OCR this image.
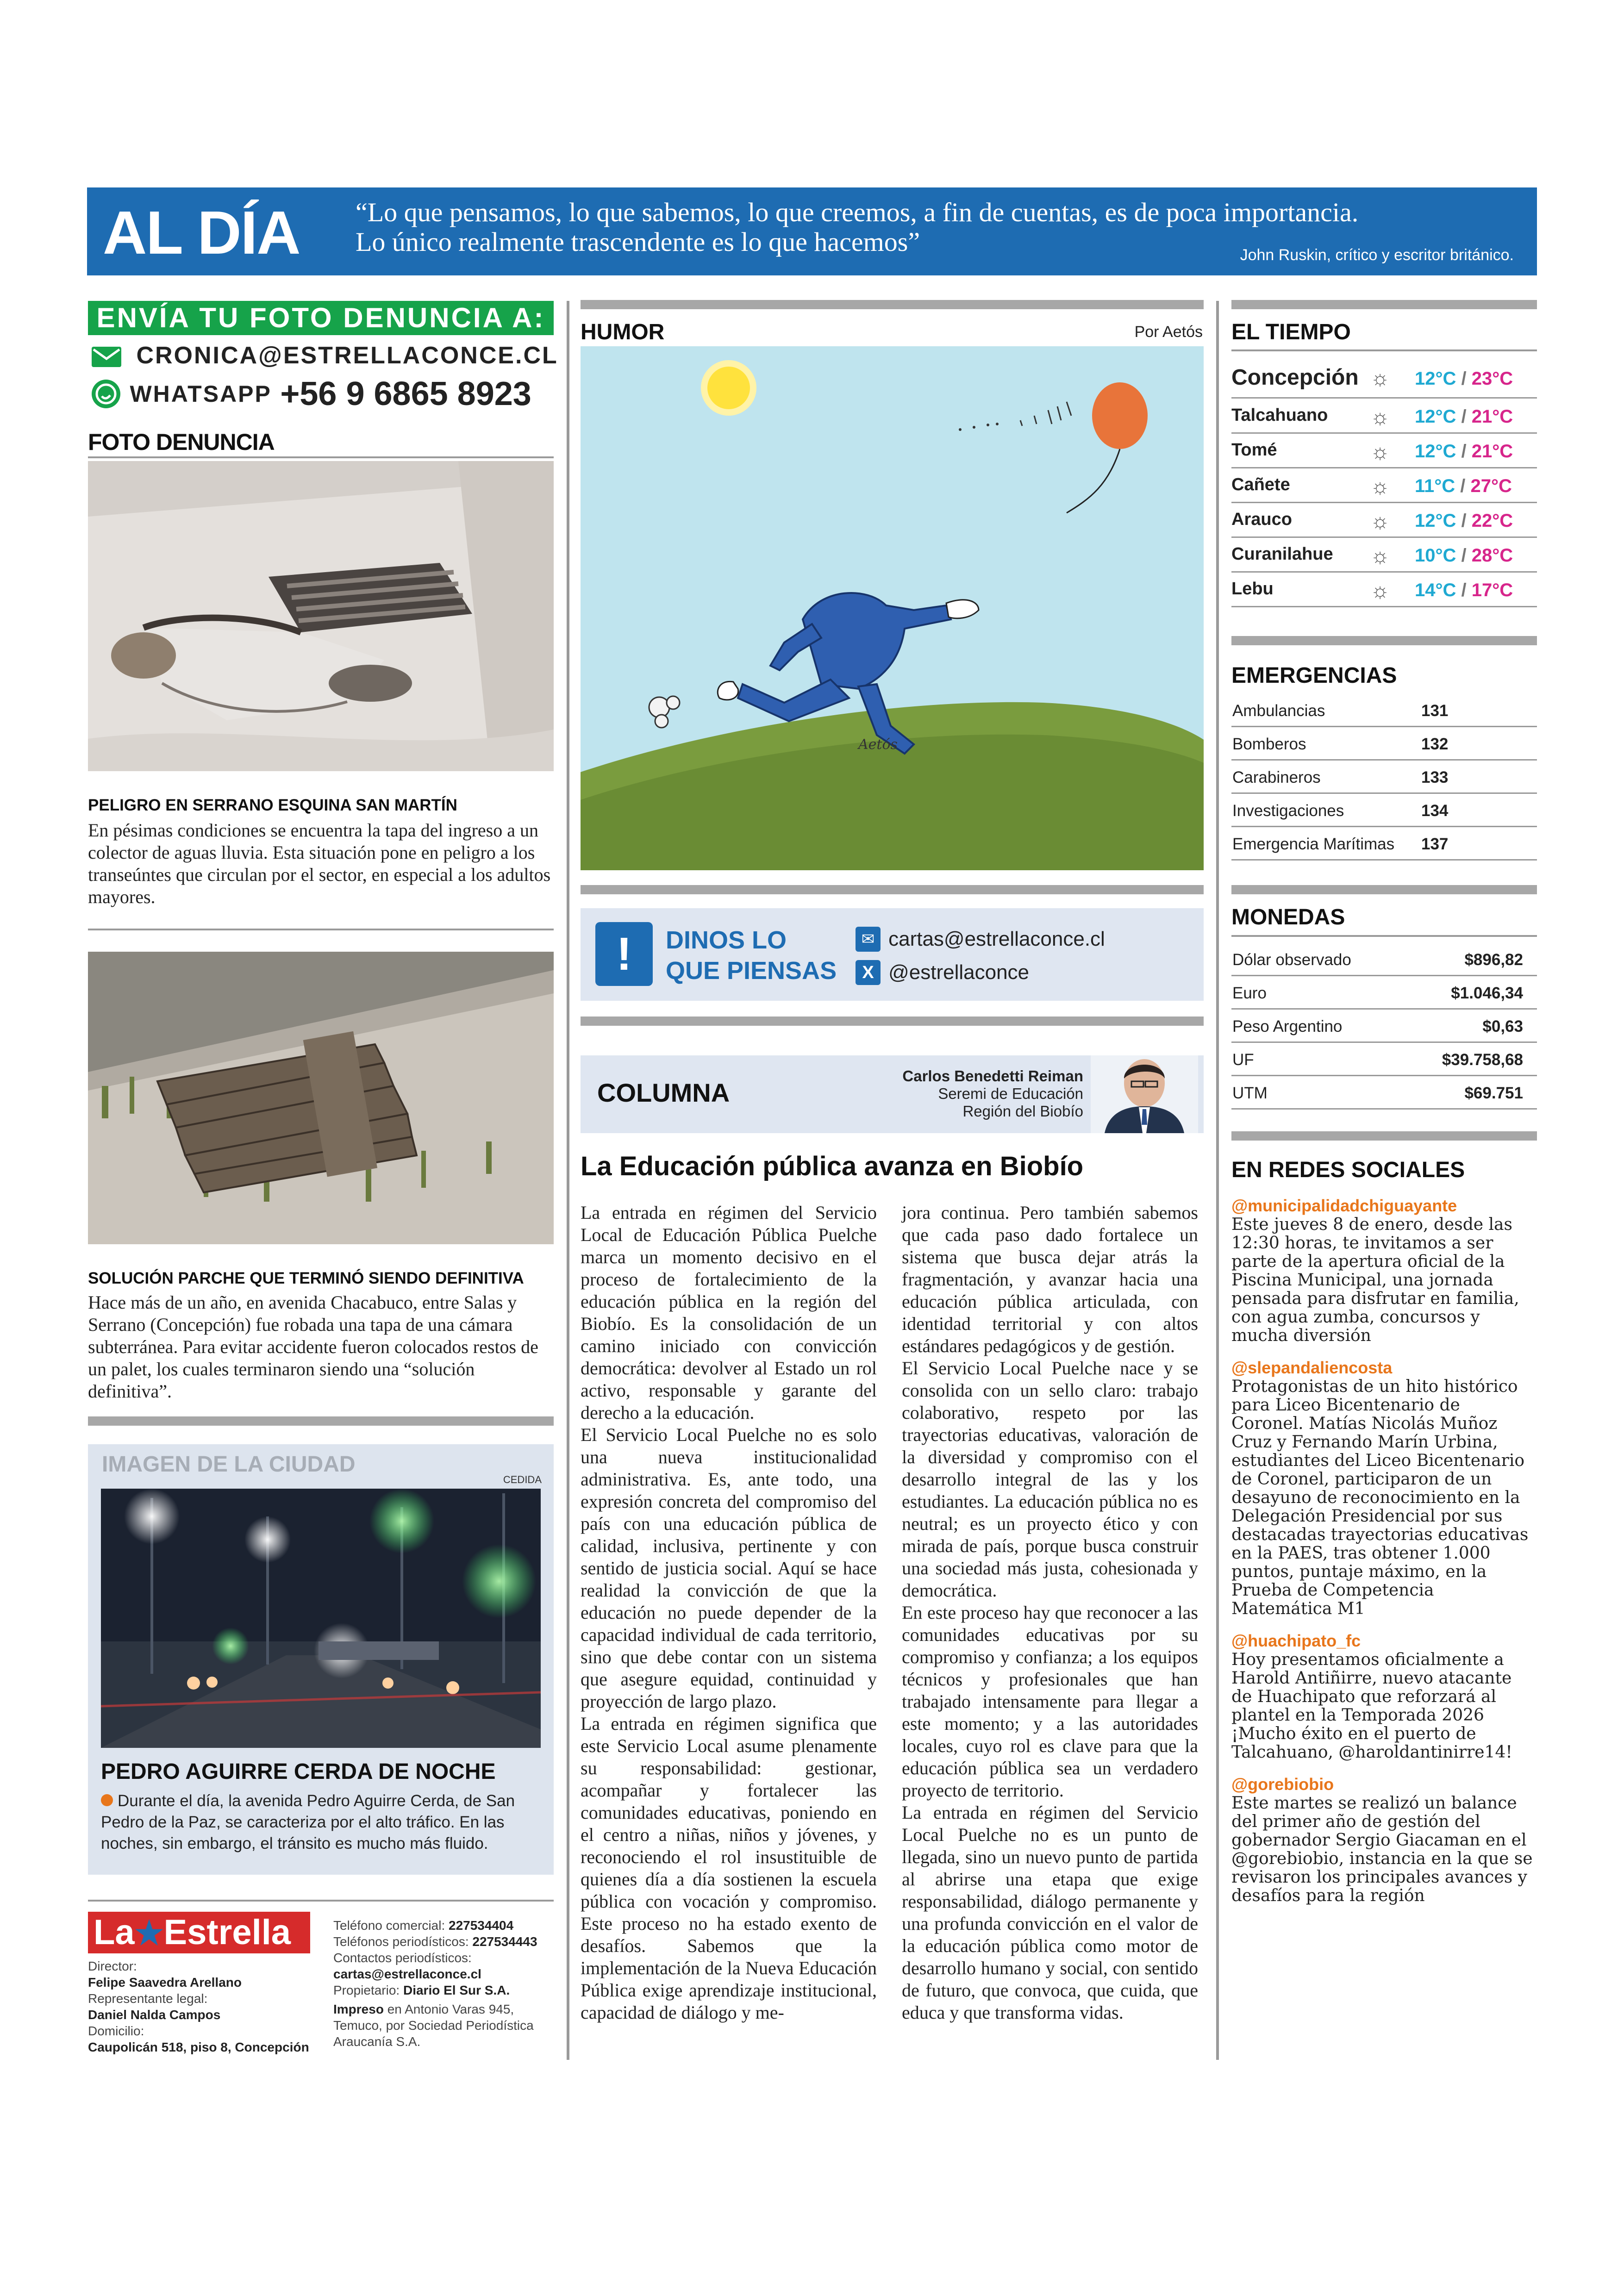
AL DÍA “Lo que pensamos, lo que sabemos, lo que creemos, a fin de cuentas, es de poca importancia.
Lo único realmente trascendente es lo que hacemos”	John Ruskin, crítico y escritor británico.
ENVÍA TU FOTO DENUNCIA A:
CRONICA@ESTRELLACONCE.CL
WHATSAPP +56 9 6865 8923
FOTO DENUNCIA
PELIGRO EN SERRANO ESQUINA SAN MARTÍN
En pésimas condiciones se encuentra la tapa del ingreso a un colector de aguas lluvia. Esta situación pone en peligro a los transeúntes que circulan por el sector, en especial a los adultos mayores.
SOLUCIÓN PARCHE QUE TERMINÓ SIENDO DEFINITIVA
Hace más de un año, en avenida Chacabuco, entre Salas y Serrano (Concepción) fue robada una tapa de una cámara subterránea. Para evitar accidente fueron colocados restos de un palet, los cuales terminaron siendo una “solución definitiva”.
IMAGEN DE LA CIUDAD
CEDIDA
PEDRO AGUIRRE CERDA DE NOCHE
Durante el día, la avenida Pedro Aguirre Cerda, de San Pedro de la Paz, se caracteriza por el alto tráfico. En las noches, sin embargo, el tránsito es mucho más fluido.
La★Estrella
Director:
Felipe Saavedra Arellano
Representante legal:
Daniel Nalda Campos
Domicilio:
Caupolicán 518, piso 8, Concepción
Teléfono comercial: 227534404
Teléfonos periodísticos: 227534443
Contactos periodísticos:
cartas@estrellaconce.cl
Propietario: Diario El Sur S.A.
Impreso en Antonio Varas 945, Temuco, por Sociedad Periodística Araucanía S.A.
HUMOR	Por Aetós
Aetós
!	DINOS LO
QUE PIENSAS
✉ cartas@estrellaconce.cl
X @estrellaconce
COLUMNA
Carlos Benedetti Reiman
Seremi de Educación
Región del Biobío
La Educación pública avanza en Biobío

La entrada en régimen del Servicio Local de Educación Pública Puelche marca un momento decisivo en el proceso de fortalecimiento de la educación pública en la región del Biobío. Es la consolidación de un camino iniciado con convicción democrática: devolver al Estado un rol activo, responsable y garante del derecho a la educación.

El Servicio Local Puelche no es solo una nueva institucionalidad administrativa. Es, ante todo, una expresión concreta del compromiso del país con una educación pública de calidad, inclusiva, pertinente y con sentido de justicia social. Aquí se hace realidad la convicción de que la educación no puede depender de la capacidad individual de cada territorio, sino que debe contar con un sistema que asegure equidad, continuidad y proyección de largo plazo.

La entrada en régimen significa que este Servicio Local asume plenamente su responsabilidad: gestionar, acompañar y fortalecer las comunidades educativas, poniendo en el centro a niñas, niños y jóvenes, y reconociendo el rol insustituible de quienes día a día sostienen la escuela pública con vocación y compromiso. Este proceso no ha estado exento de desafíos. Sabemos que la implementación de la Nueva Educación Pública exige aprendizaje institucional, capacidad de diálogo y me-

jora continua. Pero también sabemos que cada paso dado fortalece un sistema que busca dejar atrás la fragmentación, y avanzar hacia una educación pública articulada, con identidad territorial y con altos estándares pedagógicos y de gestión.

El Servicio Local Puelche nace y se consolida con un sello claro: trabajo colaborativo, respeto por las trayectorias educativas, valoración de la diversidad y compromiso con el desarrollo integral de las y los estudiantes. La educación pública no es neutral; es un proyecto ético y con mirada de país, porque busca construir una sociedad más justa, cohesionada y democrática.

En este proceso hay que reconocer a las comunidades educativas por su compromiso y confianza; a los equipos técnicos y profesionales que han trabajado intensamente para llegar a este momento; y a las autoridades locales, cuyo rol es clave para que la educación pública sea un verdadero proyecto de territorio.

La entrada en régimen del Servicio Local Puelche no es un punto de llegada, sino un nuevo punto de partida al abrirse una etapa que exige responsabilidad, diálogo permanente y una profunda convicción en el valor de la educación pública como motor de desarrollo humano y social, con sentido de futuro, que convoca, que cuida, que educa y que transforma vidas.

EL TIEMPO
Concepción ☼	12°C / 23°C
Talcahuano ☼	12°C / 21°C
Tomé	☼	12°C / 21°C
Cañete	☼	11°C / 27°C
Arauco	☼	12°C / 22°C
Curanilahue ☼	10°C / 28°C
Lebu	☼	14°C / 17°C
EMERGENCIAS
Ambulancias	131
Bomberos	132
Carabineros	133
Investigaciones	134
Emergencia Marítimas 137
MONEDAS
Dólar observado	$896,82
Euro	$1.046,34
Peso Argentino	$0,63
UF	$39.758,68
UTM	$69.751
EN REDES SOCIALES

@municipalidadchiguayante

Este jueves 8 de enero, desde las 12:30 horas, te invitamos a ser parte de la apertura oficial de la Piscina Municipal, una jornada pensada para disfrutar en familia, con agua zumba, concursos y mucha diversión

@slepandaliencosta

Protagonistas de un hito histórico para Liceo Bicentenario de Coronel. Matías Nicolás Muñoz Cruz y Fernando Marín Urbina, estudiantes del Liceo Bicentenario de Coronel, participaron de un desayuno de reconocimiento en la Delegación Presidencial por sus destacadas trayectorias educativas en la PAES, tras obtener 1.000 puntos, puntaje máximo, en la Prueba de Competencia Matemática M1

@huachipato_fc

Hoy presentamos oficialmente a Harold Antiñirre, nuevo atacante de Huachipato que reforzará al plantel en la Temporada 2026 ¡Mucho éxito en el puerto de Talcahuano, @haroldantinirre14!

@gorebiobio

Este martes se realizó un balance del primer año de gestión del gobernador Sergio Giacaman en el @gorebiobio, instancia en la que se revisaron los principales avances y desafíos para la región
